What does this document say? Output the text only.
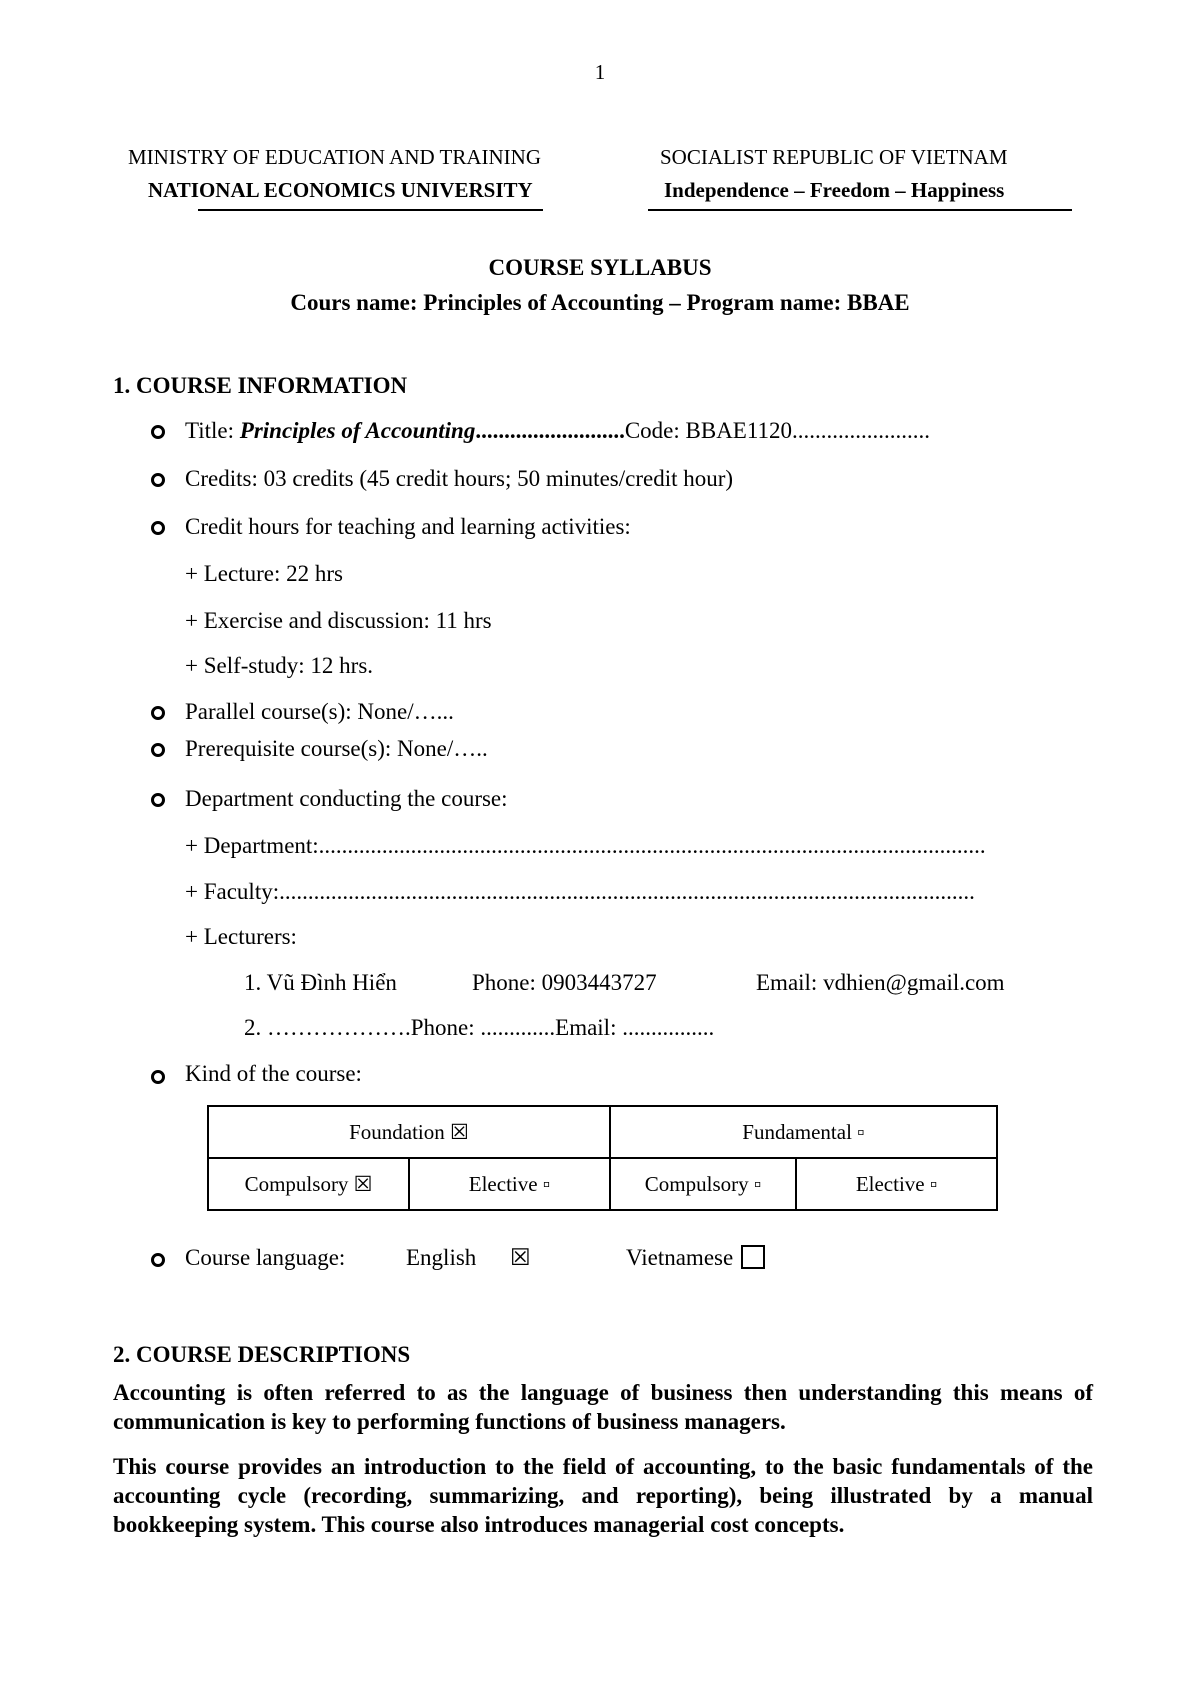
1
MINISTRY OF EDUCATION AND TRAINING
NATIONAL ECONOMICS UNIVERSITY
SOCIALIST REPUBLIC OF VIETNAM
Independence – Freedom – Happiness
COURSE SYLLABUS
Cours name: Principles of Accounting – Program name: BBAE
1. COURSE INFORMATION
Title: Principles of Accounting..........................Code: BBAE1120........................
Credits: 03 credits (45 credit hours; 50 minutes/credit hour)
Credit hours for teaching and learning activities:
+ Lecture: 22 hrs
+ Exercise and discussion: 11 hrs
+ Self-study: 12 hrs.
Parallel course(s): None/…...
Prerequisite course(s): None/…..
Department conducting the course:
+ Department:....................................................................................................................
+ Faculty:.........................................................................................................................
+ Lecturers:
1. Vũ Đình Hiển	Phone: 0903443727	Email: vdhien@gmail.com
2. ……………….Phone: .............Email: ................
Kind of the course:
Foundation ☒		Fundamental ▫	
Compulsory ☒	Elective ▫	Compulsory ▫	Elective ▫
Course language:	English ☒	Vietnamese
2. COURSE DESCRIPTIONS
Accounting is often referred to as the language of business then understanding this means of communication is key to performing functions of business managers.
This course provides an introduction to the field of accounting, to the basic fundamentals of the accounting cycle (recording, summarizing, and reporting), being illustrated by a manual bookkeeping system. This course also introduces managerial cost concepts.
